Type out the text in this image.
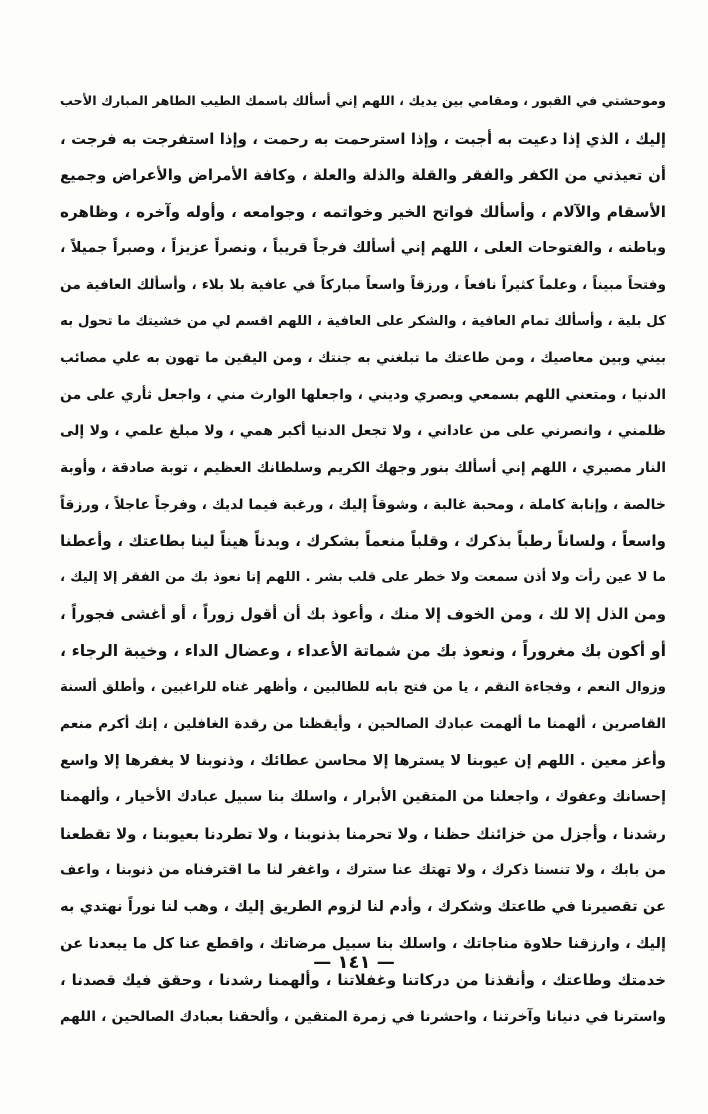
وموحشتي في القبور ، ومقامي بين يديك ، اللهم إني أسألك باسمك الطيب الطاهر المبارك الأحب
إليك ، الذي إذا دعيت به أجبت ، وإذا استرحمت به رحمت ، وإذا استفرجت به فرجت ،
أن تعيذني من الكفر والفقر والقلة والذلة والعلة ، وكافة الأمراض والأعراض وجميع
الأسقام والآلام ، وأسألك فواتح الخير وخواتمه ، وجوامعه ، وأوله وآخره ، وظاهره
وباطنه ، والفتوحات العلى ، اللهم إني أسألك فرجاً قريباً ، ونصراً عزيزاً ، وصبراً جميلاً ،
وفتحاً مبيناً ، وعلماً كثيراً نافعاً ، ورزقاً واسعاً مباركاً في عافية بلا بلاء ، وأسألك العافية من
كل بلية ، وأسألك تمام العافية ، والشكر على العافية ، اللهم اقسم لي من خشيتك ما تحول به
بيني وبين معاصيك ، ومن طاعتك ما تبلغني به جنتك ، ومن اليقين ما تهون به علي مصائب
الدنيا ، ومتعني اللهم بسمعي وبصري وديني ، واجعلها الوارث مني ، واجعل ثأري على من
ظلمني ، وانصرني على من عاداني ، ولا تجعل الدنيا أكبر همي ، ولا مبلغ علمي ، ولا إلى
النار مصيري ، اللهم إني أسألك بنور وجهك الكريم وسلطانك العظيم ، توبة صادقة ، وأوبة
خالصة ، وإنابة كاملة ، ومحبة غالبة ، وشوقاً إليك ، ورغبة فيما لديك ، وفرجاً عاجلاً ، ورزقاً
واسعاً ، ولساناً رطباً بذكرك ، وقلباً منعماً بشكرك ، وبدناً هيناً لينا بطاعتك ، وأعطنا
ما لا عين رأت ولا أذن سمعت ولا خطر على قلب بشر . اللهم إنا نعوذ بك من الفقر إلا إليك ،
ومن الذل إلا لك ، ومن الخوف إلا منك ، وأعوذ بك أن أقول زوراً ، أو أغشى فجوراً ،
أو أكون بك مغروراً ، ونعوذ بك من شماتة الأعداء ، وعضال الداء ، وخيبة الرجاء ،
وزوال النعم ، وفجاءة النقم ، يا من فتح بابه للطالبين ، وأظهر غناه للراغبين ، وأطلق ألسنة
القاصرين ، ألهمنا ما ألهمت عبادك الصالحين ، وأيقظنا من رقدة الغافلين ، إنك أكرم منعم
وأعز معين . اللهم إن عيوبنا لا يسترها إلا محاسن عطائك ، وذنوبنا لا يغفرها إلا واسع
إحسانك وعفوك ، واجعلنا من المتقين الأبرار ، واسلك بنا سبيل عبادك الأخيار ، وألهمنا
رشدنا ، وأجزل من خزائنك حظنا ، ولا تحرمنا بذنوبنا ، ولا تطردنا بعيوبنا ، ولا تقطعنا
من بابك ، ولا تنسنا ذكرك ، ولا تهتك عنا سترك ، واغفر لنا ما اقترفناه من ذنوبنا ، واعف
عن تقصيرنا في طاعتك وشكرك ، وأدم لنا لزوم الطريق إليك ، وهب لنا نوراً نهتدي به
إليك ، وارزقنا حلاوة مناجاتك ، واسلك بنا سبيل مرضاتك ، واقطع عنا كل ما يبعدنا عن
خدمتك وطاعتك ، وأنقذنا من دركاتنا وغفلاتنا ، وألهمنا رشدنا ، وحقق فيك قصدنا ،
واسترنا في دنيانا وآخرتنا ، واحشرنا في زمرة المتقين ، وألحقنا بعبادك الصالحين ، اللهم
— ١٤١ —
